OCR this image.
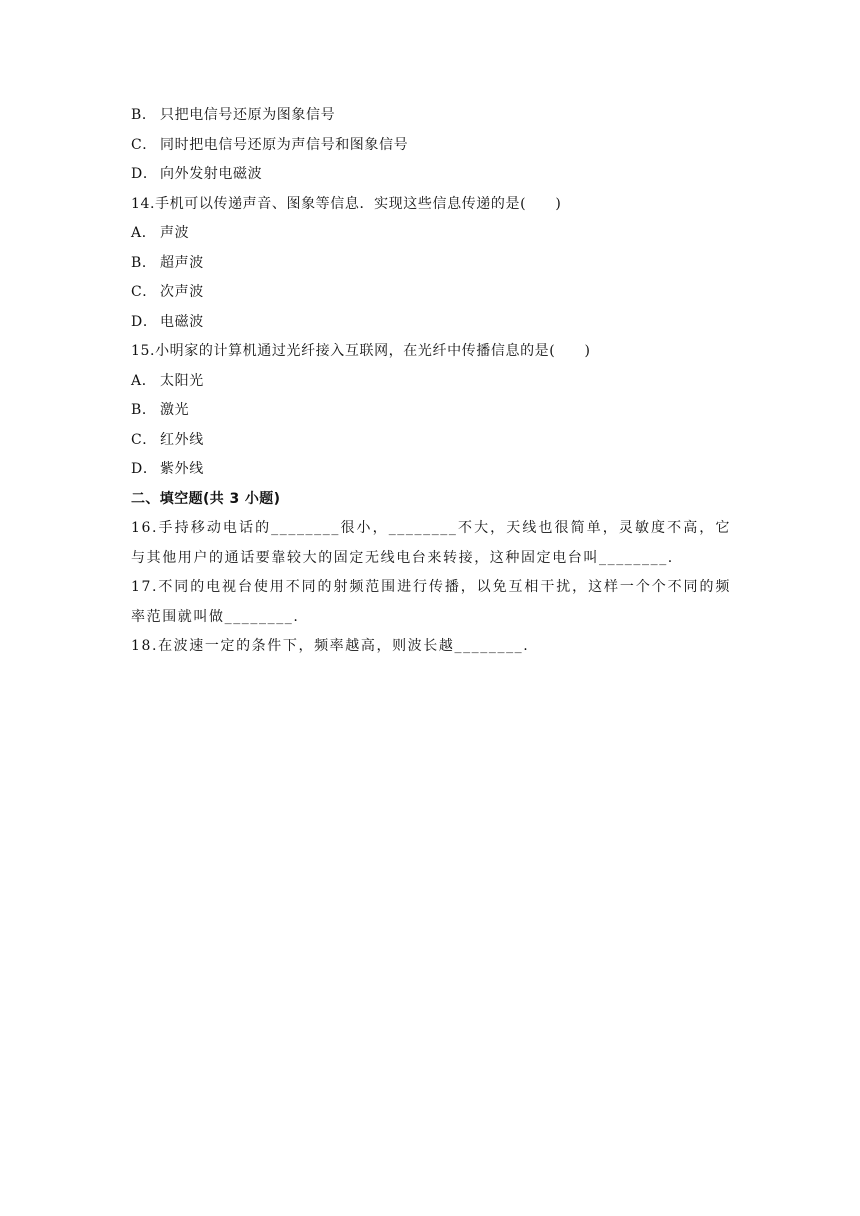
B． 只把电信号还原为图象信号
C． 同时把电信号还原为声信号和图象信号
D． 向外发射电磁波
14.手机可以传递声音、图象等信息．实现这些信息传递的是(　　)
A． 声波
B． 超声波
C． 次声波
D． 电磁波
15.小明家的计算机通过光纤接入互联网，在光纤中传播信息的是(　　)
A． 太阳光
B． 激光
C． 红外线
D． 紫外线
二、填空题(共 3 小题)
16.手持移动电话的________很小，________不大，天线也很简单，灵敏度不高，它与其他用户的通话要靠较大的固定无线电台来转接，这种固定电台叫________.
17.不同的电视台使用不同的射频范围进行传播，以免互相干扰，这样一个个不同的频率范围就叫做________.
18.在波速一定的条件下，频率越高，则波长越________.
